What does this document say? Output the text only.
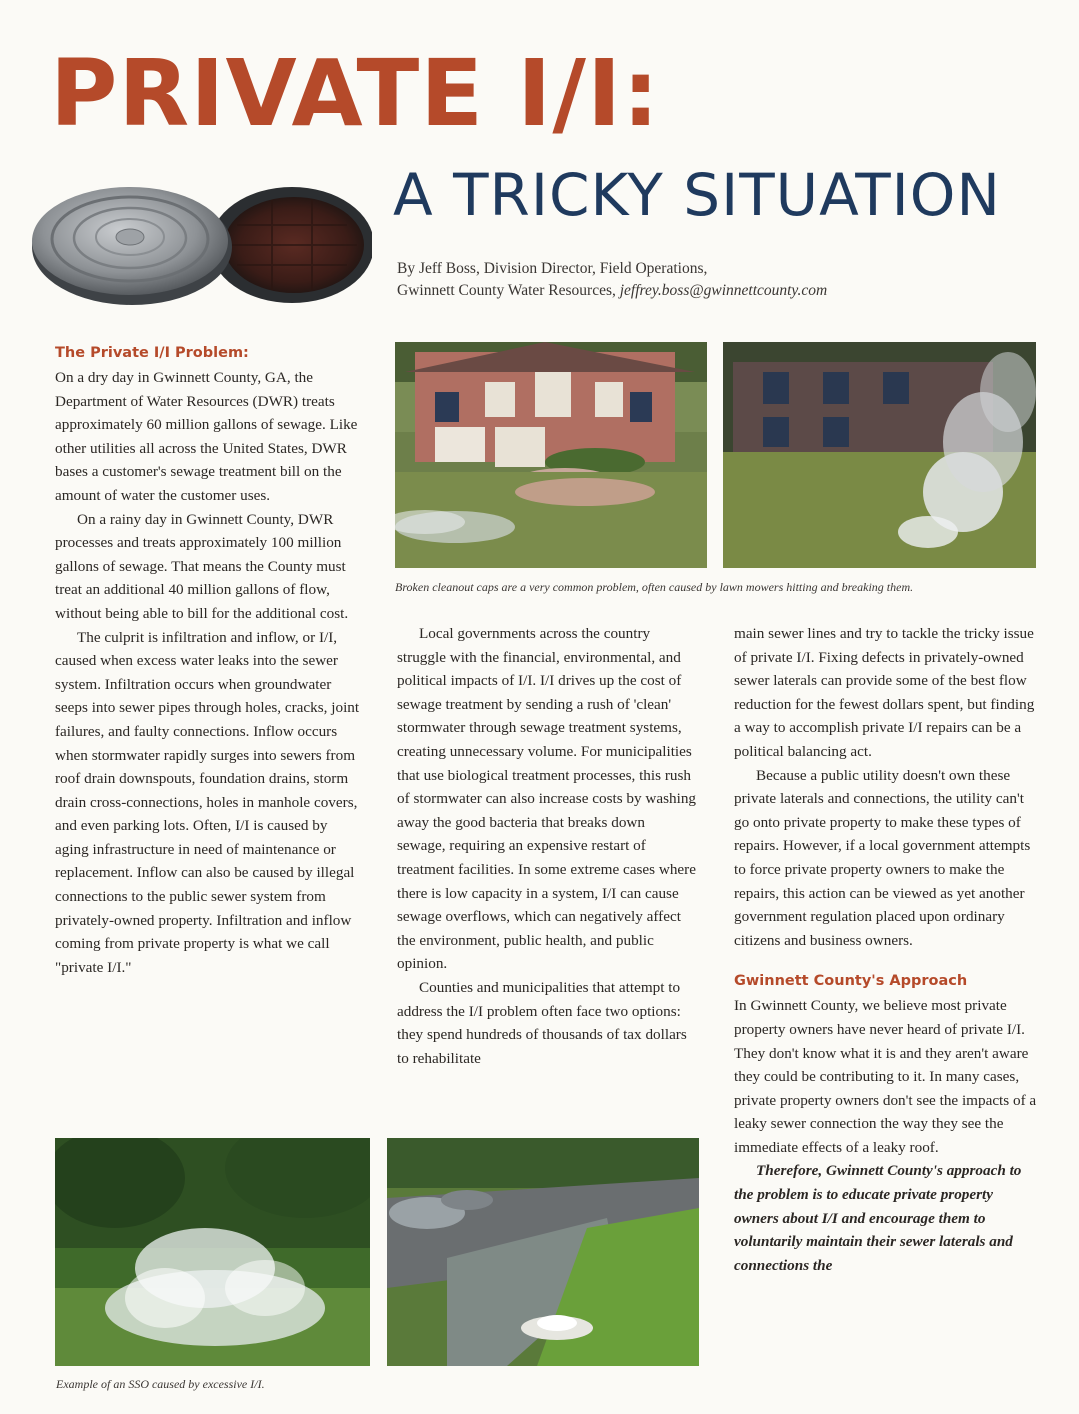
PRIVATE I/I:
A TRICKY SITUATION
By Jeff Boss, Division Director, Field Operations,
Gwinnett County Water Resources, jeffrey.boss@gwinnettcounty.com
Broken cleanout caps are a very common problem, often caused by lawn mowers hitting and breaking them.
The Private I/I Problem:

On a dry day in Gwinnett County, GA, the Department of Water Resources (DWR) treats approximately 60 million gallons of sewage. Like other utilities all across the United States, DWR bases a customer's sewage treatment bill on the amount of water the customer uses.

On a rainy day in Gwinnett County, DWR processes and treats approximately 100 million gallons of sewage. That means the County must treat an additional 40 million gallons of flow, without being able to bill for the additional cost.

The culprit is infiltration and inflow, or I/I, caused when excess water leaks into the sewer system. Infiltration occurs when groundwater seeps into sewer pipes through holes, cracks, joint failures, and faulty connections. Inflow occurs when stormwater rapidly surges into sewers from roof drain downspouts, foundation drains, storm drain cross-connections, holes in manhole covers, and even parking lots. Often, I/I is caused by aging infrastructure in need of maintenance or replacement. Inflow can also be caused by illegal connections to the public sewer system from privately-owned property. Infiltration and inflow coming from private property is what we call "private I/I."

Local governments across the country struggle with the financial, environmental, and political impacts of I/I. I/I drives up the cost of sewage treatment by sending a rush of 'clean' stormwater through sewage treatment systems, creating unnecessary volume. For municipalities that use biological treatment processes, this rush of stormwater can also increase costs by washing away the good bacteria that breaks down sewage, requiring an expensive restart of treatment facilities. In some extreme cases where there is low capacity in a system, I/I can cause sewage overflows, which can negatively affect the environment, public health, and public opinion.

Counties and municipalities that attempt to address the I/I problem often face two options: they spend hundreds of thousands of tax dollars to rehabilitate

main sewer lines and try to tackle the tricky issue of private I/I. Fixing defects in privately-owned sewer laterals can provide some of the best flow reduction for the fewest dollars spent, but finding a way to accomplish private I/I repairs can be a political balancing act.

Because a public utility doesn't own these private laterals and connections, the utility can't go onto private property to make these types of repairs. However, if a local government attempts to force private property owners to make the repairs, this action can be viewed as yet another government regulation placed upon ordinary citizens and business owners.

Gwinnett County's Approach

In Gwinnett County, we believe most private property owners have never heard of private I/I. They don't know what it is and they aren't aware they could be contributing to it. In many cases, private property owners don't see the impacts of a leaky sewer connection the way they see the immediate effects of a leaky roof.

Therefore, Gwinnett County's approach to the problem is to educate private property owners about I/I and encourage them to voluntarily maintain their sewer laterals and connections the

Example of an SSO caused by excessive I/I.
